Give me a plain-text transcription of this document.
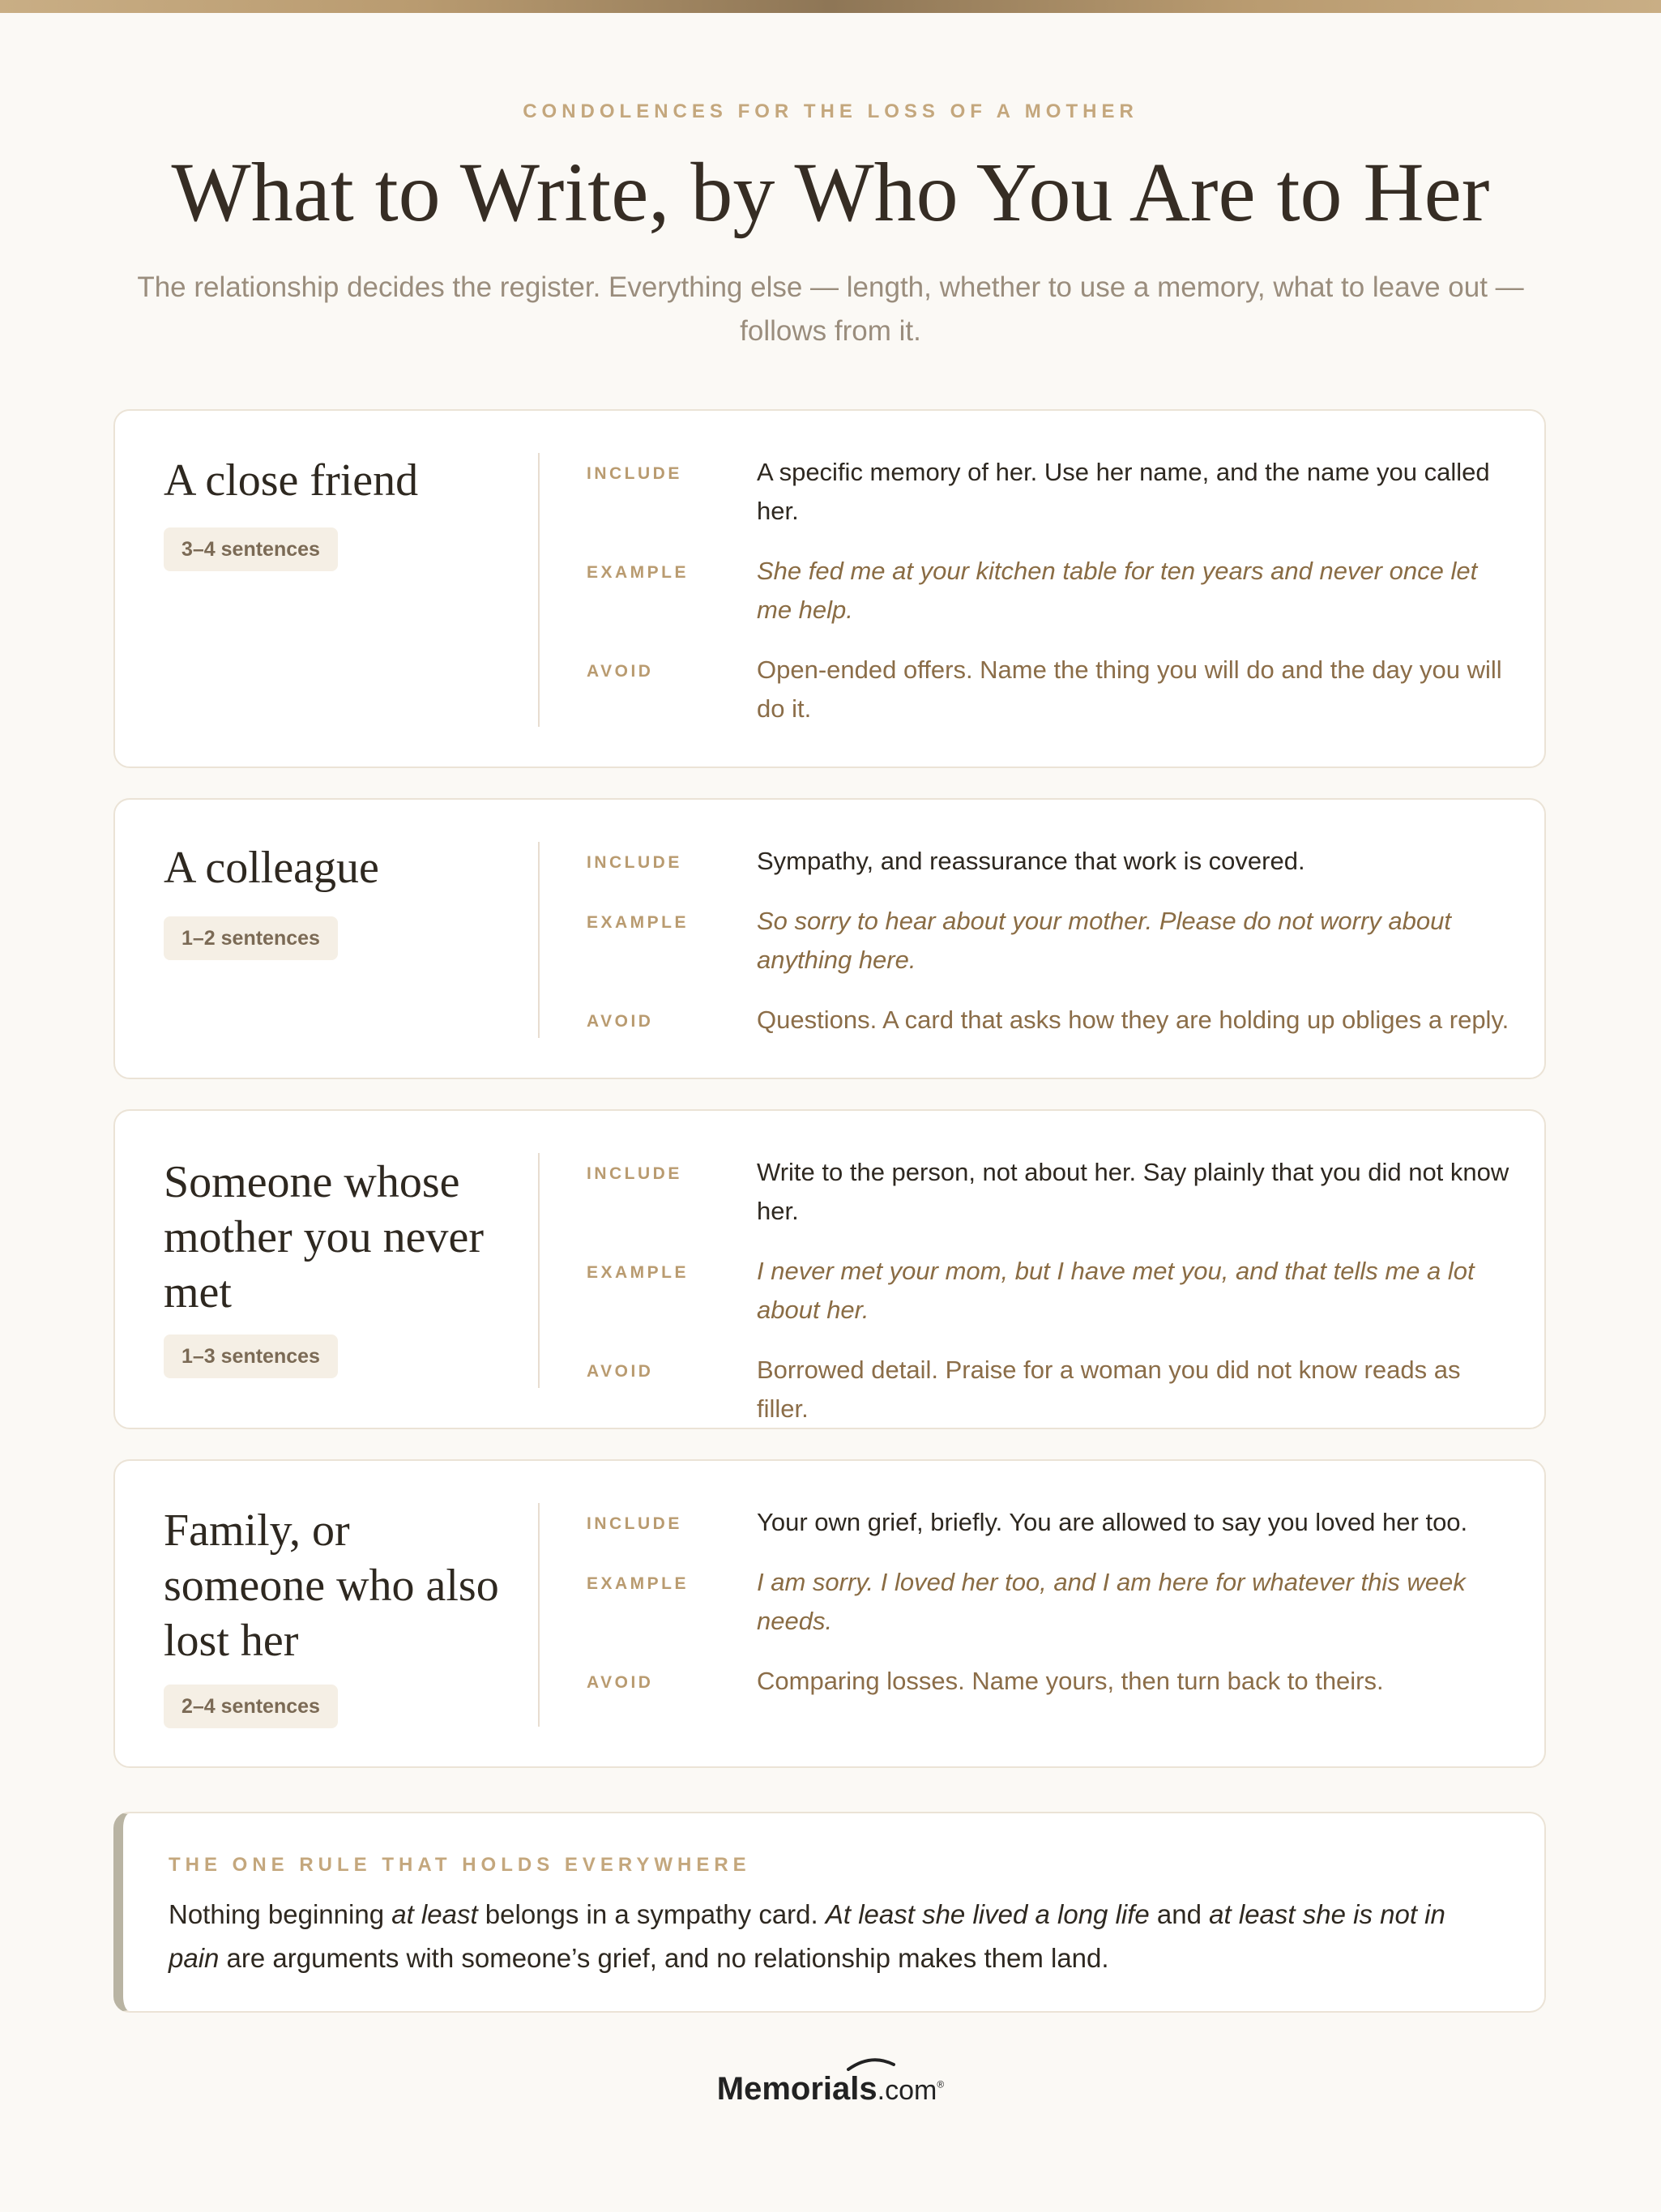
CONDOLENCES FOR THE LOSS OF A MOTHER
What to Write, by Who You Are to Her
The relationship decides the register. Everything else — length, whether to use a memory, what to leave out — follows from it.
A close friend
3–4 sentences
INCLUDE	A specific memory of her. Use her name, and the name you called her.
EXAMPLE	She fed me at your kitchen table for ten years and never once let me help.
AVOID	Open-ended offers. Name the thing you will do and the day you will do it.
A colleague
1–2 sentences
INCLUDE	Sympathy, and reassurance that work is covered.
EXAMPLE	So sorry to hear about your mother. Please do not worry about anything here.
AVOID	Questions. A card that asks how they are holding up obliges a reply.
Someone whose mother you never met
1–3 sentences
INCLUDE	Write to the person, not about her. Say plainly that you did not know her.
EXAMPLE	I never met your mom, but I have met you, and that tells me a lot about her.
AVOID	Borrowed detail. Praise for a woman you did not know reads as filler.
Family, or someone who also lost her
2–4 sentences
INCLUDE	Your own grief, briefly. You are allowed to say you loved her too.
EXAMPLE	I am sorry. I loved her too, and I am here for whatever this week needs.
AVOID	Comparing losses. Name yours, then turn back to theirs.
THE ONE RULE THAT HOLDS EVERYWHERE
Nothing beginning at least belongs in a sympathy card. At least she lived a long life and at least she is not in pain are arguments with someone’s grief, and no relationship makes them land.
Memorials.com®
